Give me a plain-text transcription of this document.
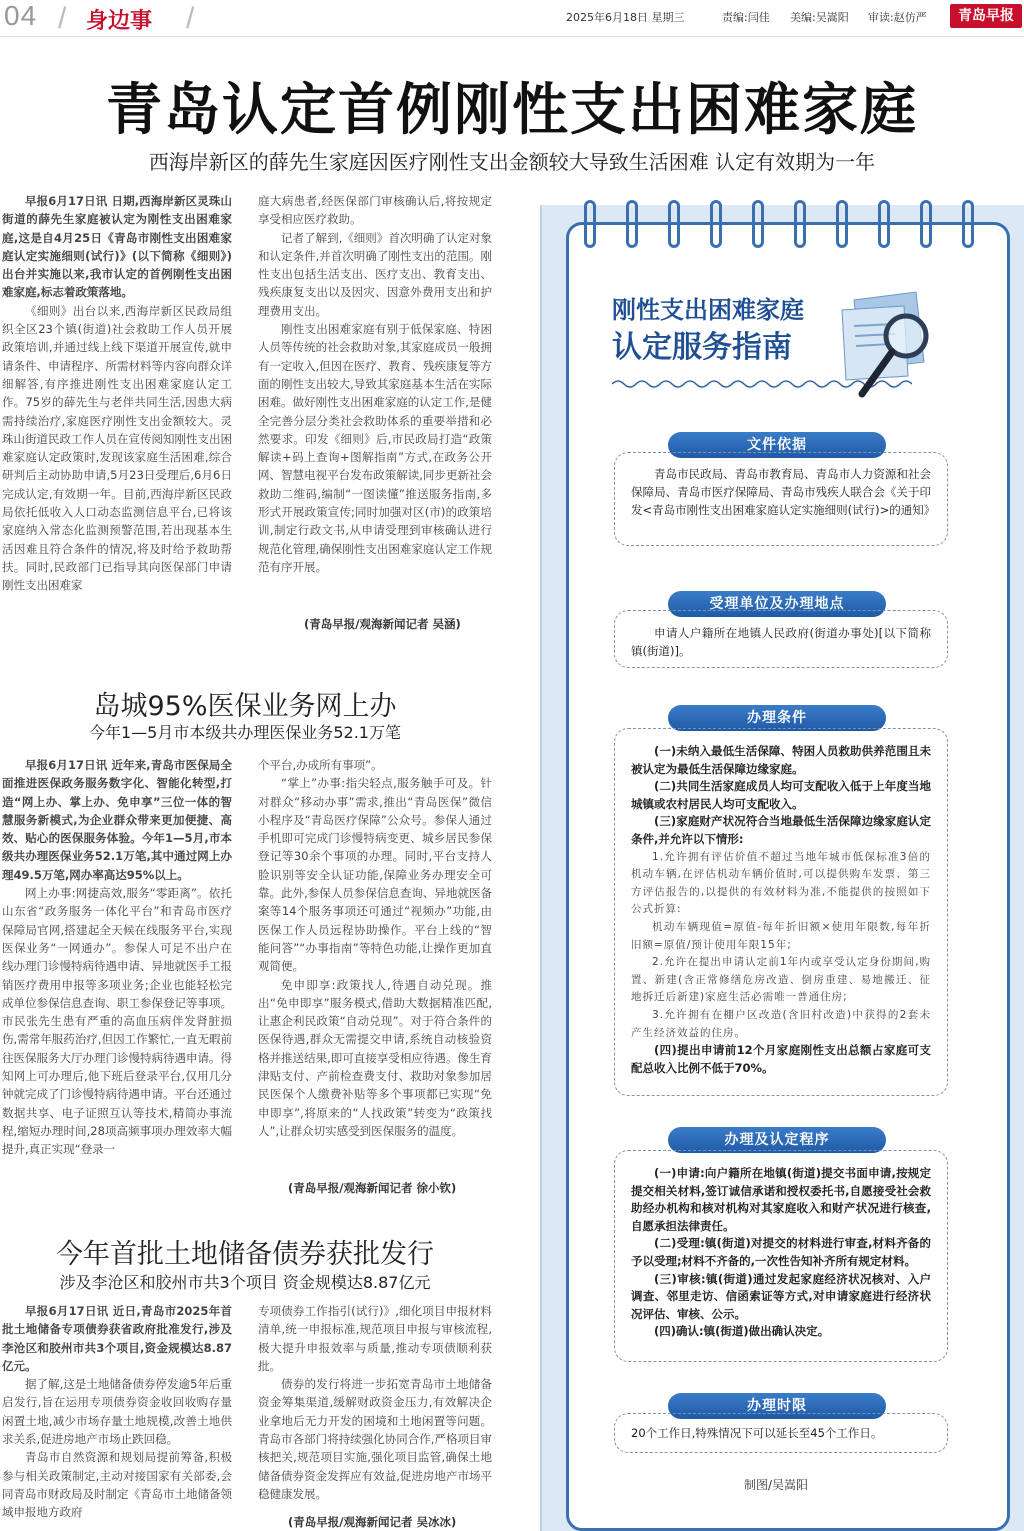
04 / 身边事 /	2025年6月18日 星期三	责编:闫佳 美编:吴嵩阳 审读:赵仿严	青岛早报
青岛认定首例刚性支出困难家庭
西海岸新区的薛先生家庭因医疗刚性支出金额较大导致生活困难 认定有效期为一年

早报6月17日讯 日期,西海岸新区灵珠山街道的薛先生家庭被认定为刚性支出困难家庭,这是自4月25日《青岛市刚性支出困难家庭认定实施细则(试行)》(以下简称《细则》)出台并实施以来,我市认定的首例刚性支出困难家庭,标志着政策落地。

《细则》出台以来,西海岸新区民政局组织全区23个镇(街道)社会救助工作人员开展政策培训,并通过线上线下渠道开展宣传,就申请条件、申请程序、所需材料等内容向群众详细解答,有序推进刚性支出困难家庭认定工作。75岁的薛先生与老伴共同生活,因患大病需持续治疗,家庭医疗刚性支出金额较大。灵珠山街道民政工作人员在宣传阅知刚性支出困难家庭认定政策时,发现该家庭生活困难,综合研判后主动协助申请,5月23日受理后,6月6日完成认定,有效期一年。目前,西海岸新区民政局依托低收入人口动态监测信息平台,已将该家庭纳入常态化监测预警范围,若出现基本生活因难且符合条件的情况,将及时给予救助帮扶。同时,民政部门已指导其向医保部门申请刚性支出困难家

庭大病患者,经医保部门审核确认后,将按规定享受相应医疗救助。

记者了解到,《细则》首次明确了认定对象和认定条件,并首次明确了刚性支出的范围。刚性支出包括生活支出、医疗支出、教育支出、残疾康复支出以及因灾、因意外费用支出和护理费用支出。

刚性支出困难家庭有别于低保家庭、特困人员等传统的社会救助对象,其家庭成员一般拥有一定收入,但因在医疗、教育、残疾康复等方面的刚性支出较大,导致其家庭基本生活在实际困难。做好刚性支出困难家庭的认定工作,是健全完善分层分类社会救助体系的重要举措和必然要求。印发《细则》后,市民政局打造“政策解读+码上查询+图解指南”方式,在政务公开网、智慧电视平台发布政策解读,同步更新社会救助二维码,编制“一图读懂”推送服务指南,多形式开展政策宣传;同时加强对区(市)的政策培训,制定行政文书,从申请受理到审核确认进行规范化管理,确保刚性支出困难家庭认定工作规范有序开展。

(青岛早报/观海新闻记者 吴涵)
岛城95%医保业务网上办
今年1—5月市本级共办理医保业务52.1万笔

早报6月17日讯 近年来,青岛市医保局全面推进医保政务服务数字化、智能化转型,打造“网上办、掌上办、免申享”三位一体的智慧服务新模式,为企业群众带来更加便捷、高效、贴心的医保服务体验。今年1—5月,市本级共办理医保业务52.1万笔,其中通过网上办理49.5万笔,网办率高达95%以上。

网上办事:网捷高效,服务“零距离”。依托山东省“政务服务一体化平台”和青岛市医疗保障局官网,搭建起全天候在线服务平台,实现医保业务“一网通办”。参保人可足不出户在线办理门诊慢特病待遇申请、异地就医手工报销医疗费用申报等多项业务;企业也能轻松完成单位参保信息查询、职工参保登记等事项。市民张先生患有严重的高血压病伴发肾脏损伤,需常年服药治疗,但因工作繁忙,一直无暇前往医保服务大厅办理门诊慢特病待遇申请。得知网上可办理后,他下班后登录平台,仅用几分钟就完成了门诊慢特病待遇申请。平台还通过数据共享、电子证照互认等技术,精简办事流程,缩短办理时间,28项高频事项办理效率大幅提升,真正实现“登录一

个平台,办成所有事项”。

“掌上”办事:指尖轻点,服务触手可及。针对群众“移动办事”需求,推出“青岛医保”微信小程序及“青岛医疗保障”公众号。参保人通过手机即可完成门诊慢特病变更、城乡居民参保登记等30余个事项的办理。同时,平台支持人脸识别等安全认证功能,保障业务办理安全可靠。此外,参保人员参保信息查询、异地就医备案等14个服务事项还可通过“视频办”功能,由医保工作人员远程协助操作。平台上线的“智能问答”“办事指南”等特色功能,让操作更加直观简便。

免申即享:政策找人,待遇自动兑现。推出“免申即享”服务模式,借助大数据精准匹配,让惠企利民政策“自动兑现”。对于符合条件的医保待遇,群众无需提交申请,系统自动核验资格并推送结果,即可直接享受相应待遇。像生育津贴支付、产前检查费支付、救助对象参加居民医保个人缴费补贴等多个事项都已实现“免申即享”,将原来的“人找政策”转变为“政策找人”,让群众切实感受到医保服务的温度。

(青岛早报/观海新闻记者 徐小钦)
今年首批土地储备债券获批发行
涉及李沧区和胶州市共3个项目 资金规模达8.87亿元

早报6月17日讯 近日,青岛市2025年首批土地储备专项债券获省政府批准发行,涉及李沧区和胶州市共3个项目,资金规模达8.87亿元。

据了解,这是土地储备债券停发逾5年后重启发行,旨在运用专项债券资金收回收购存量闲置土地,减少市场存量土地规模,改善土地供求关系,促进房地产市场止跌回稳。

青岛市自然资源和规划局提前筹备,积极参与相关政策制定,主动对接国家有关部委,会同青岛市财政局及时制定《青岛市土地储备领域申报地方政府

专项债券工作指引(试行)》,细化项目申报材料清单,统一申报标准,规范项目申报与审核流程,极大提升申报效率与质量,推动专项债顺利获批。

债券的发行将进一步拓宽青岛市土地储备资金筹集渠道,缓解财政资金压力,有效解决企业拿地后无力开发的困境和土地闲置等问题。青岛市各部门将持续强化协同合作,严格项目审核把关,规范项目实施,强化项目监管,确保土地储备债券资金发挥应有效益,促进房地产市场平稳健康发展。

(青岛早报/观海新闻记者 吴冰冰)
刚性支出困难家庭
认定服务指南
文件依据

青岛市民政局、青岛市教育局、青岛市人力资源和社会保障局、青岛市医疗保障局、青岛市残疾人联合会《关于印发<青岛市刚性支出困难家庭认定实施细则(试行)>的通知》

受理单位及办理地点

申请人户籍所在地镇人民政府(街道办事处)[以下简称镇(街道)]。

办理条件

(一)未纳入最低生活保障、特困人员救助供养范围且未被认定为最低生活保障边缘家庭。

(二)共同生活家庭成员人均可支配收入低于上年度当地城镇或农村居民人均可支配收入。

(三)家庭财产状况符合当地最低生活保障边缘家庭认定条件,并允许以下情形:

1.允许拥有评估价值不超过当地年城市低保标准3倍的机动车辆,在评估机动车辆价值时,可以提供购车发票、第三方评估报告的,以提供的有效材料为准,不能提供的按照如下公式折算:

机动车辆现值=原值-每年折旧额×使用年限数,每年折旧额=原值/预计使用年限15年;

2.允许在提出申请认定前1年内或享受认定身份期间,购置、新建(含正常修缮危房改造、倒房重建、易地搬迁、征地拆迁后新建)家庭生活必需唯一普通住房;

3.允许拥有在棚户区改造(含旧村改造)中获得的2套未产生经济效益的住房。

(四)提出申请前12个月家庭刚性支出总额占家庭可支配总收入比例不低于70%。

办理及认定程序

(一)申请:向户籍所在地镇(街道)提交书面申请,按规定提交相关材料,签订诚信承诺和授权委托书,自愿接受社会救助经办机构和核对机构对其家庭收入和财产状况进行核查,自愿承担法律责任。

(二)受理:镇(街道)对提交的材料进行审查,材料齐备的予以受理;材料不齐备的,一次性告知补齐所有规定材料。

(三)审核:镇(街道)通过发起家庭经济状况核对、入户调查、邻里走访、信函索证等方式,对申请家庭进行经济状况评估、审核、公示。

(四)确认:镇(街道)做出确认决定。

办理时限

20个工作日,特殊情况下可以延长至45个工作日。

制图/吴嵩阳
